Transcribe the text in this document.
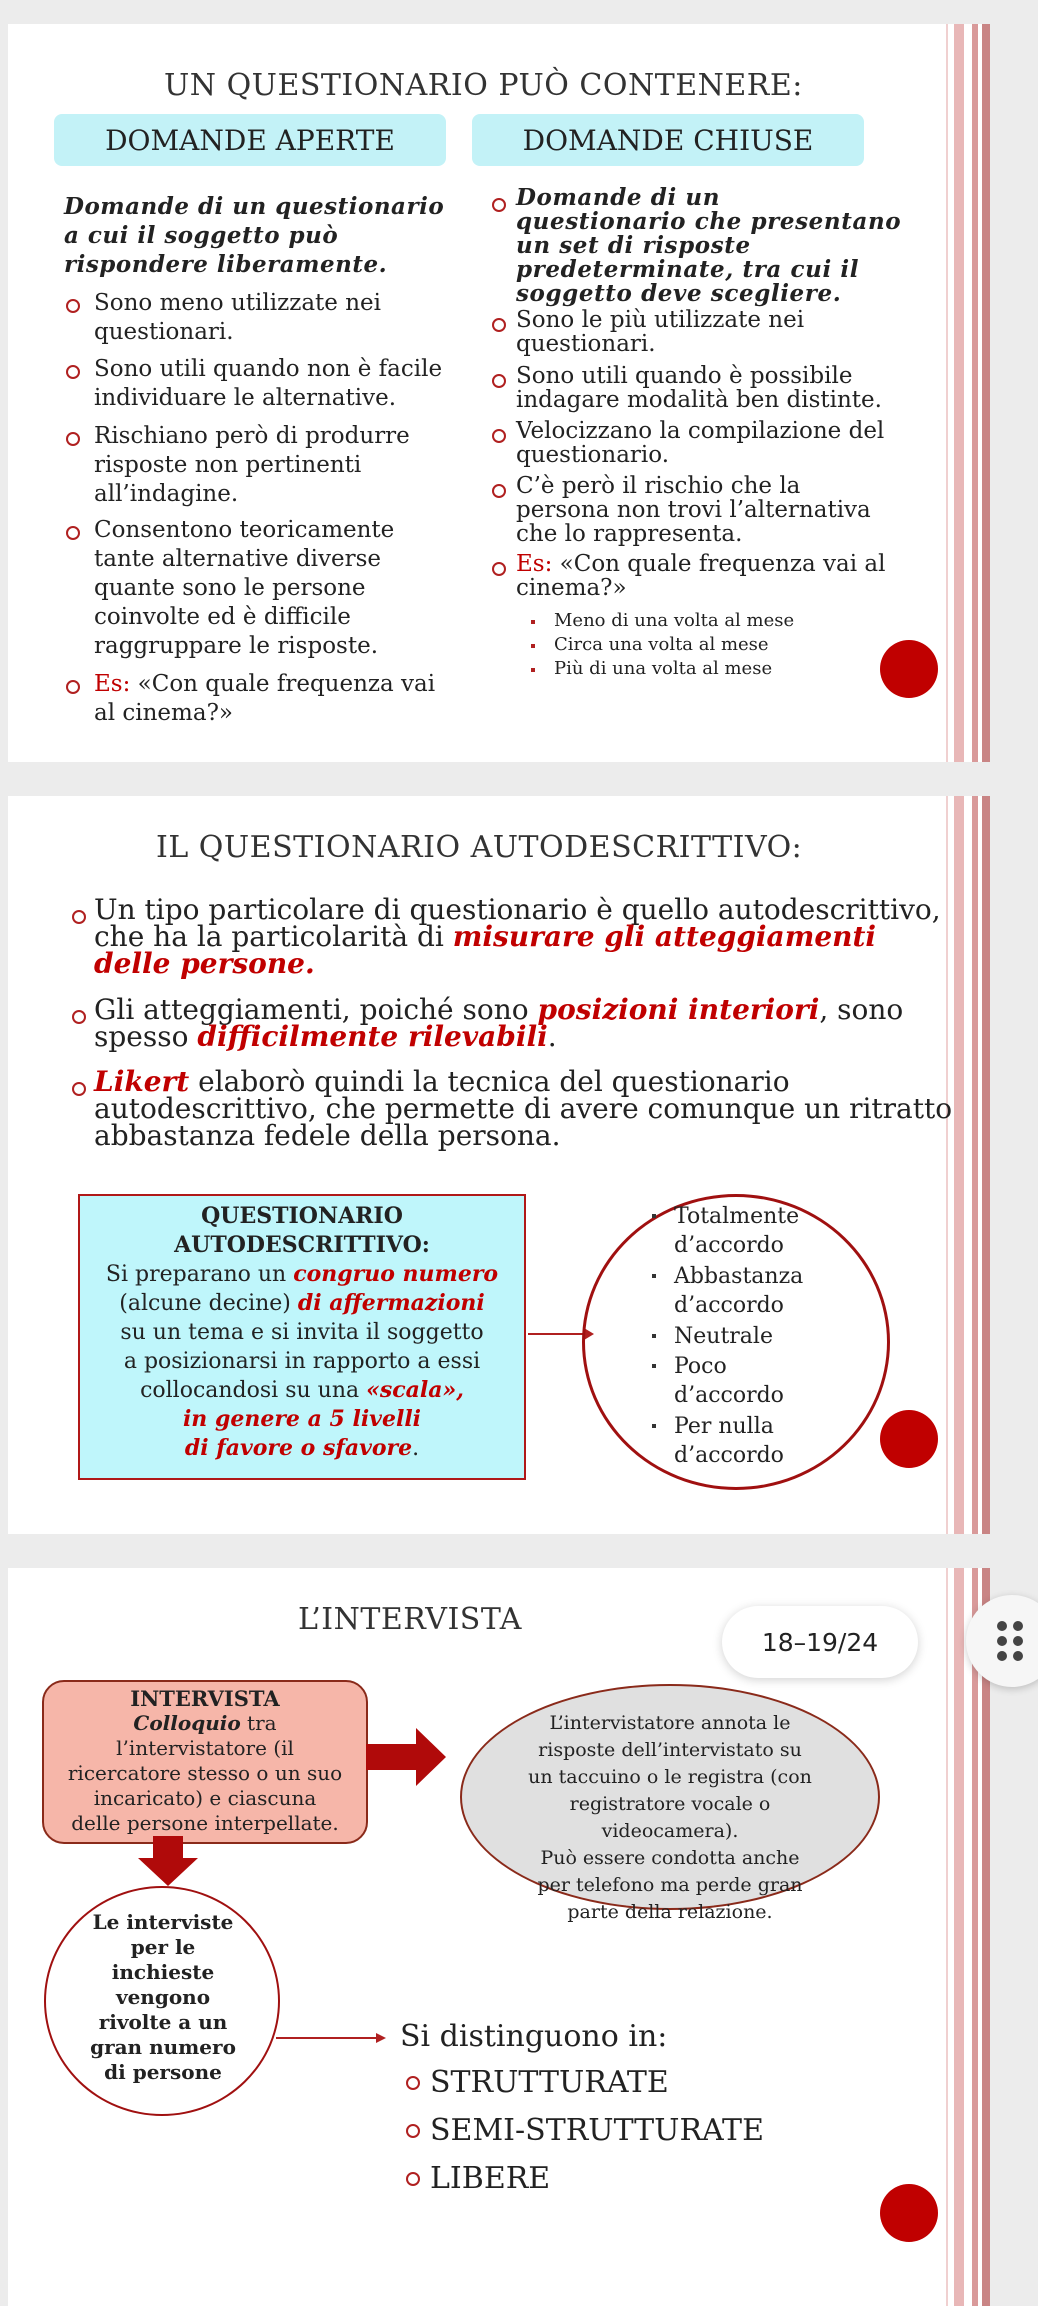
UN QUESTIONARIO PUÒ CONTENERE:
DOMANDE APERTE	DOMANDE CHIUSE
Domande di un questionario
a cui il soggetto può
rispondere liberamente.
Sono meno utilizzate nei
questionari.
Sono utili quando non è facile
individuare le alternative.
Rischiano però di produrre
risposte non pertinenti
all’indagine.
Consentono teoricamente
tante alternative diverse
quante sono le persone
coinvolte ed è difficile
raggruppare le risposte.
Es: «Con quale frequenza vai
al cinema?»
Domande di un
questionario che presentano
un set di risposte
predeterminate, tra cui il
soggetto deve scegliere.
Sono le più utilizzate nei
questionari.
Sono utili quando è possibile
indagare modalità ben distinte.
Velocizzano la compilazione del
questionario.
C’è però il rischio che la
persona non trovi l’alternativa
che lo rappresenta.
Es: «Con quale frequenza vai al
cinema?»
Meno di una volta al mese
Circa una volta al mese
Più di una volta al mese
IL QUESTIONARIO AUTODESCRITTIVO:
Un tipo particolare di questionario è quello autodescrittivo,
che ha la particolarità di misurare gli atteggiamenti
delle persone.
Gli atteggiamenti, poiché sono posizioni interiori, sono
spesso difficilmente rilevabili.
Likert elaborò quindi la tecnica del questionario
autodescrittivo, che permette di avere comunque un ritratto
abbastanza fedele della persona.
QUESTIONARIO
AUTODESCRITTIVO:
Si preparano un congruo numero
(alcune decine) di affermazioni
su un tema e si invita il soggetto
a posizionarsi in rapporto a essi
collocandosi su una «scala»,
in genere a 5 livelli
di favore o sfavore.
Totalmente
d’accordo
Abbastanza
d’accordo
Neutrale
Poco
d’accordo
Per nulla
d’accordo
L’INTERVISTA
INTERVISTA
Colloquio tra
l’intervistatore (il
ricercatore stesso o un suo
incaricato) e ciascuna
delle persone interpellate.
L’intervistatore annota le
risposte dell’intervistato su
un taccuino o le registra (con
registratore vocale o
videocamera).
Può essere condotta anche
per telefono ma perde gran
parte della relazione.
Le interviste
per le
inchieste
vengono
rivolte a un
gran numero
di persone
Si distinguono in:
STRUTTURATE
SEMI-STRUTTURATE
LIBERE
18–19/24
